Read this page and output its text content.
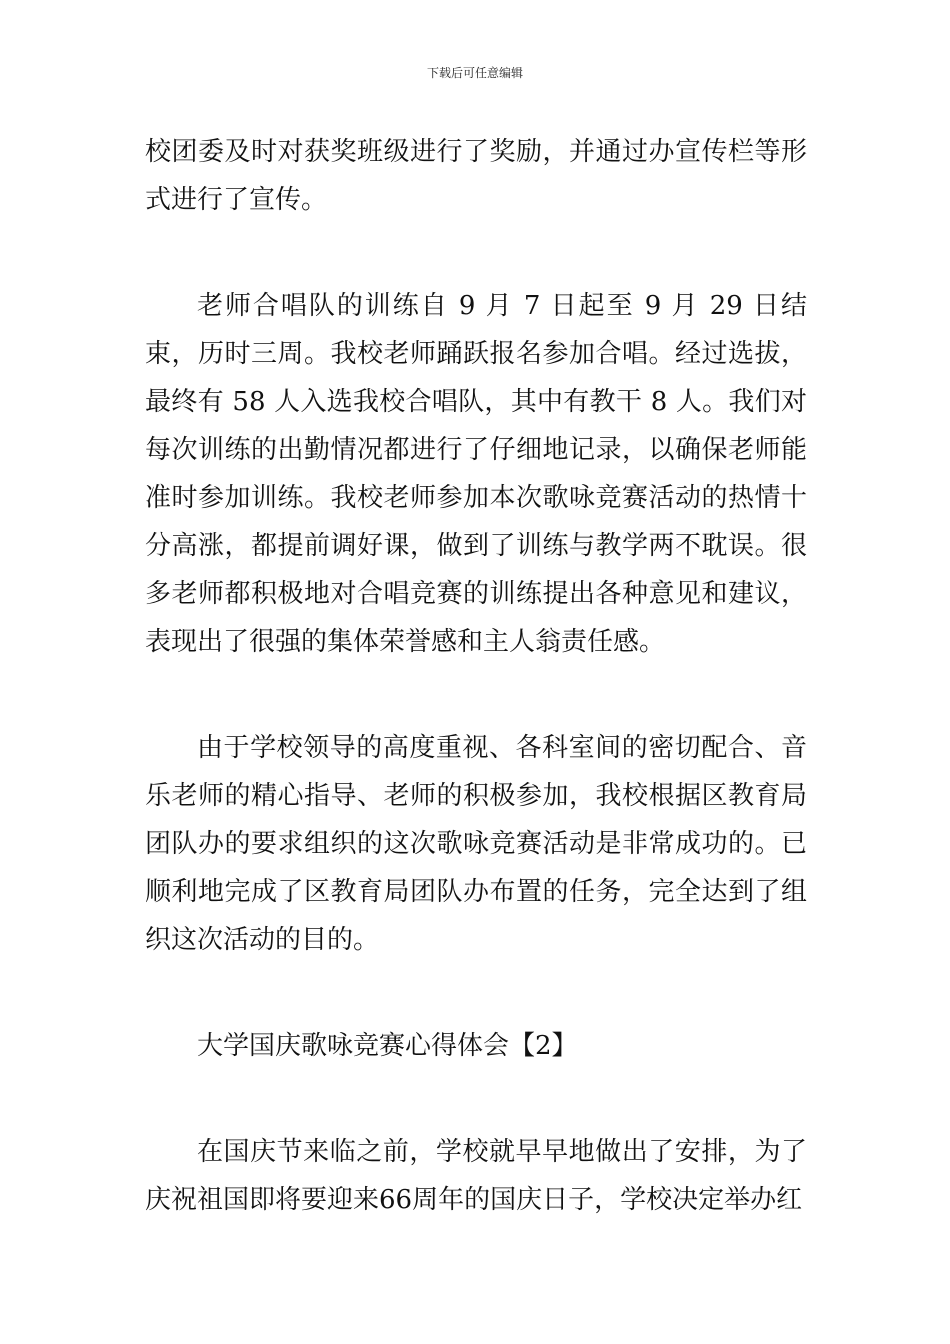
下载后可任意编辑

校团委及时对获奖班级进行了奖励，并通过办宣传栏等形式进行了宣传。

老师合唱队的训练自 9 月 7 日起至 9 月 29 日结束，历时三周。我校老师踊跃报名参加合唱。经过选拔，最终有 58 人入选我校合唱队，其中有教干 8 人。我们对每次训练的出勤情况都进行了仔细地记录，以确保老师能准时参加训练。我校老师参加本次歌咏竞赛活动的热情十分高涨，都提前调好课，做到了训练与教学两不耽误。很多老师都积极地对合唱竞赛的训练提出各种意见和建议，表现出了很强的集体荣誉感和主人翁责任感。

由于学校领导的高度重视、各科室间的密切配合、音乐老师的精心指导、老师的积极参加，我校根据区教育局团队办的要求组织的这次歌咏竞赛活动是非常成功的。已顺利地完成了区教育局团队办布置的任务，完全达到了组织这次活动的目的。

大学国庆歌咏竞赛心得体会【2】

在国庆节来临之前，学校就早早地做出了安排，为了庆祝祖国即将要迎来66周年的国庆日子，学校决定举办红
